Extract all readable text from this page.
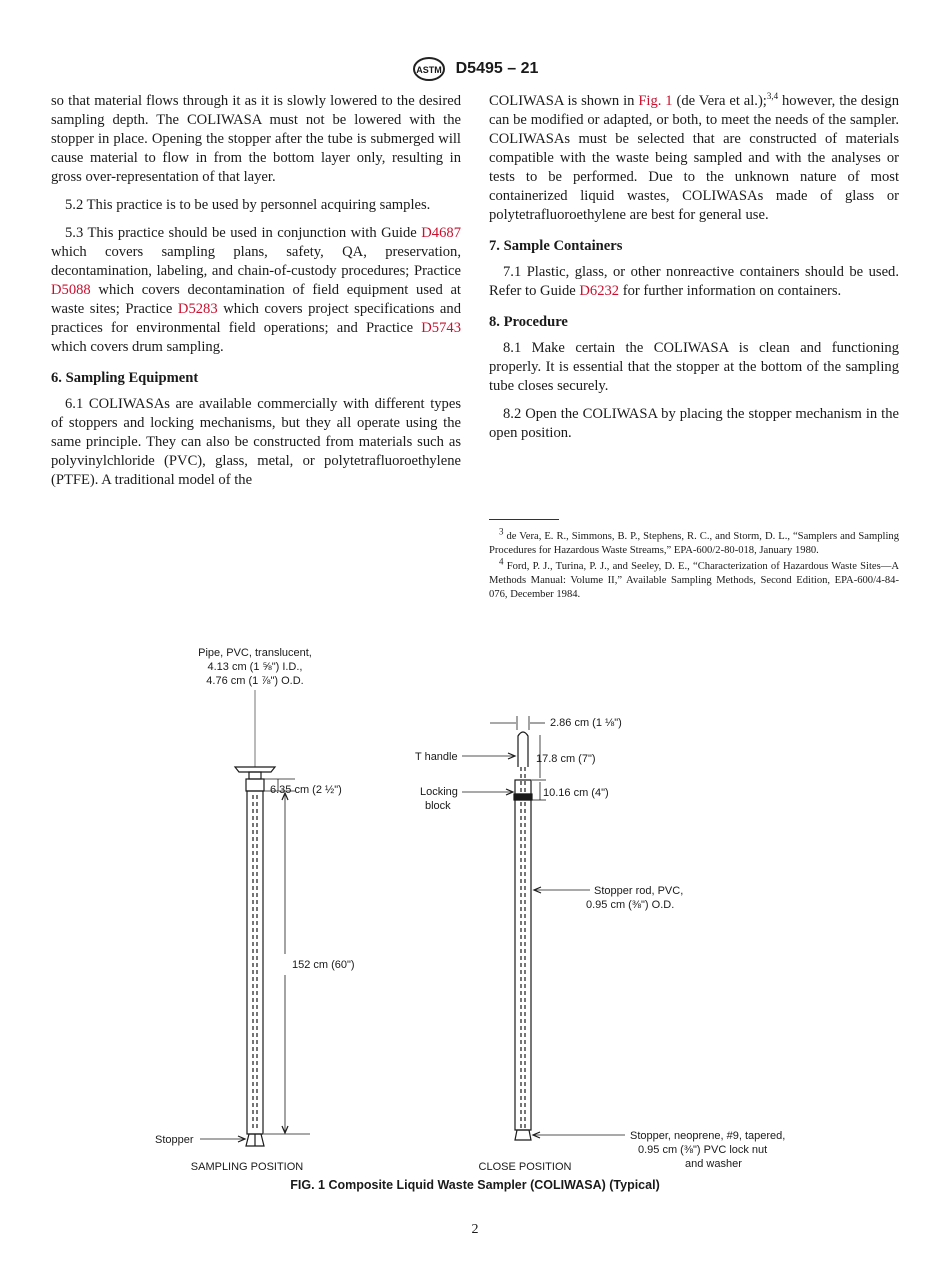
ASTM D5495 – 21

so that material flows through it as it is slowly lowered to the desired sampling depth. The COLIWASA must not be lowered with the stopper in place. Opening the stopper after the tube is submerged will cause material to flow in from the bottom layer only, resulting in gross over-representation of that layer.

5.2 This practice is to be used by personnel acquiring samples.

5.3 This practice should be used in conjunction with Guide D4687 which covers sampling plans, safety, QA, preservation, decontamination, labeling, and chain-of-custody procedures; Practice D5088 which covers decontamination of field equipment used at waste sites; Practice D5283 which covers project specifications and practices for environmental field operations; and Practice D5743 which covers drum sampling.

6. Sampling Equipment

6.1 COLIWASAs are available commercially with different types of stoppers and locking mechanisms, but they all operate using the same principle. They can also be constructed from materials such as polyvinylchloride (PVC), glass, metal, or polytetrafluoroethylene (PTFE). A traditional model of the

COLIWASA is shown in Fig. 1 (de Vera et al.);$^{3,4}$ however, the design can be modified or adapted, or both, to meet the needs of the sampler. COLIWASAs must be selected that are constructed of materials compatible with the waste being sampled and with the analyses or tests to be performed. Due to the unknown nature of most containerized liquid wastes, COLIWASAs made of glass or polytetrafluoroethylene are best for general use.

7. Sample Containers

7.1 Plastic, glass, or other nonreactive containers should be used. Refer to Guide D6232 for further information on containers.

8. Procedure

8.1 Make certain the COLIWASA is clean and functioning properly. It is essential that the stopper at the bottom of the sampling tube closes securely.

8.2 Open the COLIWASA by placing the stopper mechanism in the open position.

$^3$ de Vera, E. R., Simmons, B. P., Stephens, R. C., and Storm, D. L., “Samplers and Sampling Procedures for Hazardous Waste Streams,” EPA-600/2-80-018, January 1980.

$^4$ Ford, P. J., Turina, P. J., and Seeley, D. E., “Characterization of Hazardous Waste Sites—A Methods Manual: Volume II,” Available Sampling Methods, Second Edition, EPA-600/4-84-076, December 1984.

Pipe, PVC, translucent,
4.13 cm (1 ⅝") I.D.,
4.76 cm (1 ⅞") O.D.
6.35 cm (2 ½")
152 cm (60")
Stopper
SAMPLING POSITION
2.86 cm (1 ⅛")
T handle	17.8 cm (7")
Locking
block
10.16 cm (4")
Stopper rod, PVC,
0.95 cm (⅜") O.D.
Stopper, neoprene, #9, tapered,
0.95 cm (⅜") PVC lock nut
and washer
CLOSE POSITION
FIG. 1 Composite Liquid Waste Sampler (COLIWASA) (Typical)
2
